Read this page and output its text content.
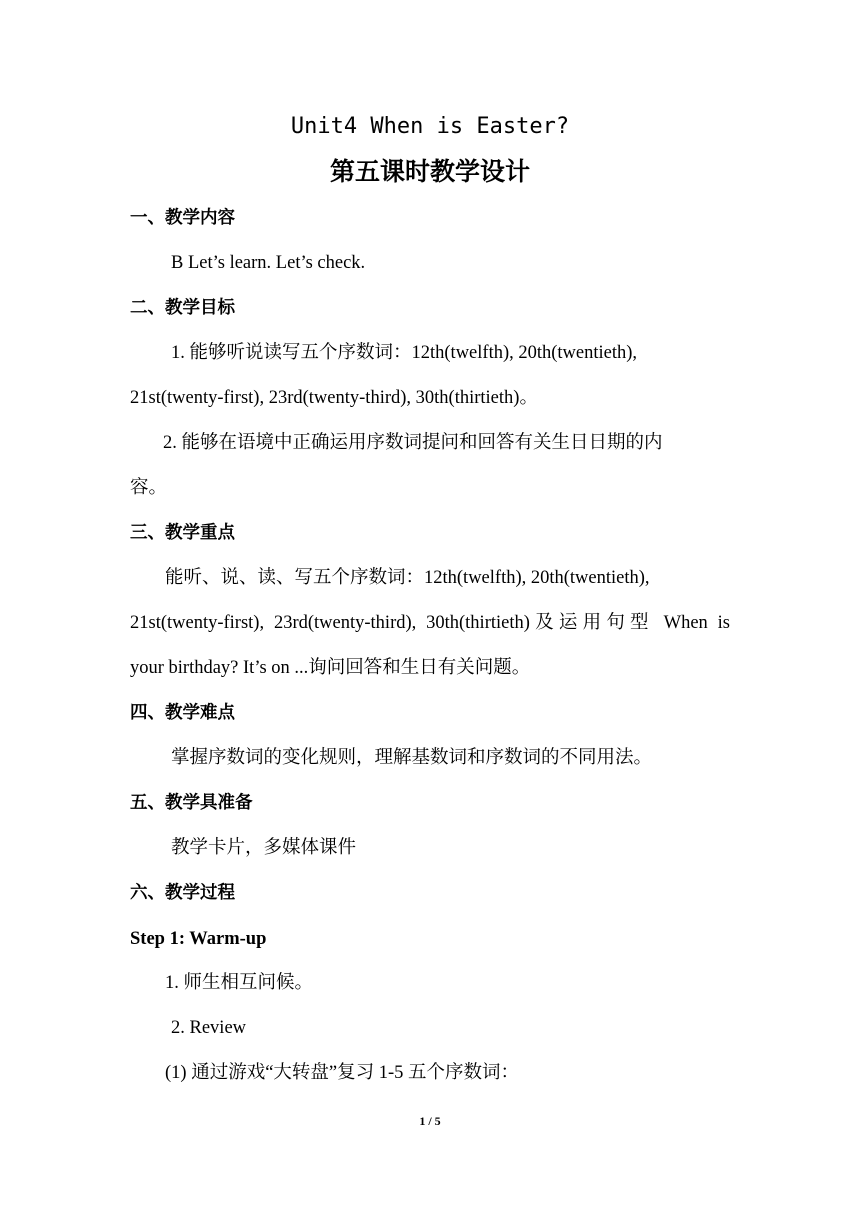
Unit4 When is Easter?
第五课时教学设计
一、教学内容
B Let’s learn. Let’s check.
二、教学目标
1. 能够听说读写五个序数词：12th(twelfth), 20th(twentieth),
21st(twenty-first), 23rd(twenty-third), 30th(thirtieth)。
2. 能够在语境中正确运用序数词提问和回答有关生日日期的内
容。
三、教学重点
能听、说、读、写五个序数词：12th(twelfth), 20th(twentieth),
21st(twenty-first), 23rd(twenty-third), 30th(thirtieth)及运用句型 When is
your birthday? It’s on ...询问回答和生日有关问题。
四、教学难点
掌握序数词的变化规则，理解基数词和序数词的不同用法。
五、教学具准备
教学卡片，多媒体课件
六、教学过程
Step 1: Warm-up
1. 师生相互问候。
2. Review
(1) 通过游戏“大转盘”复习 1-5 五个序数词：
1 / 5
